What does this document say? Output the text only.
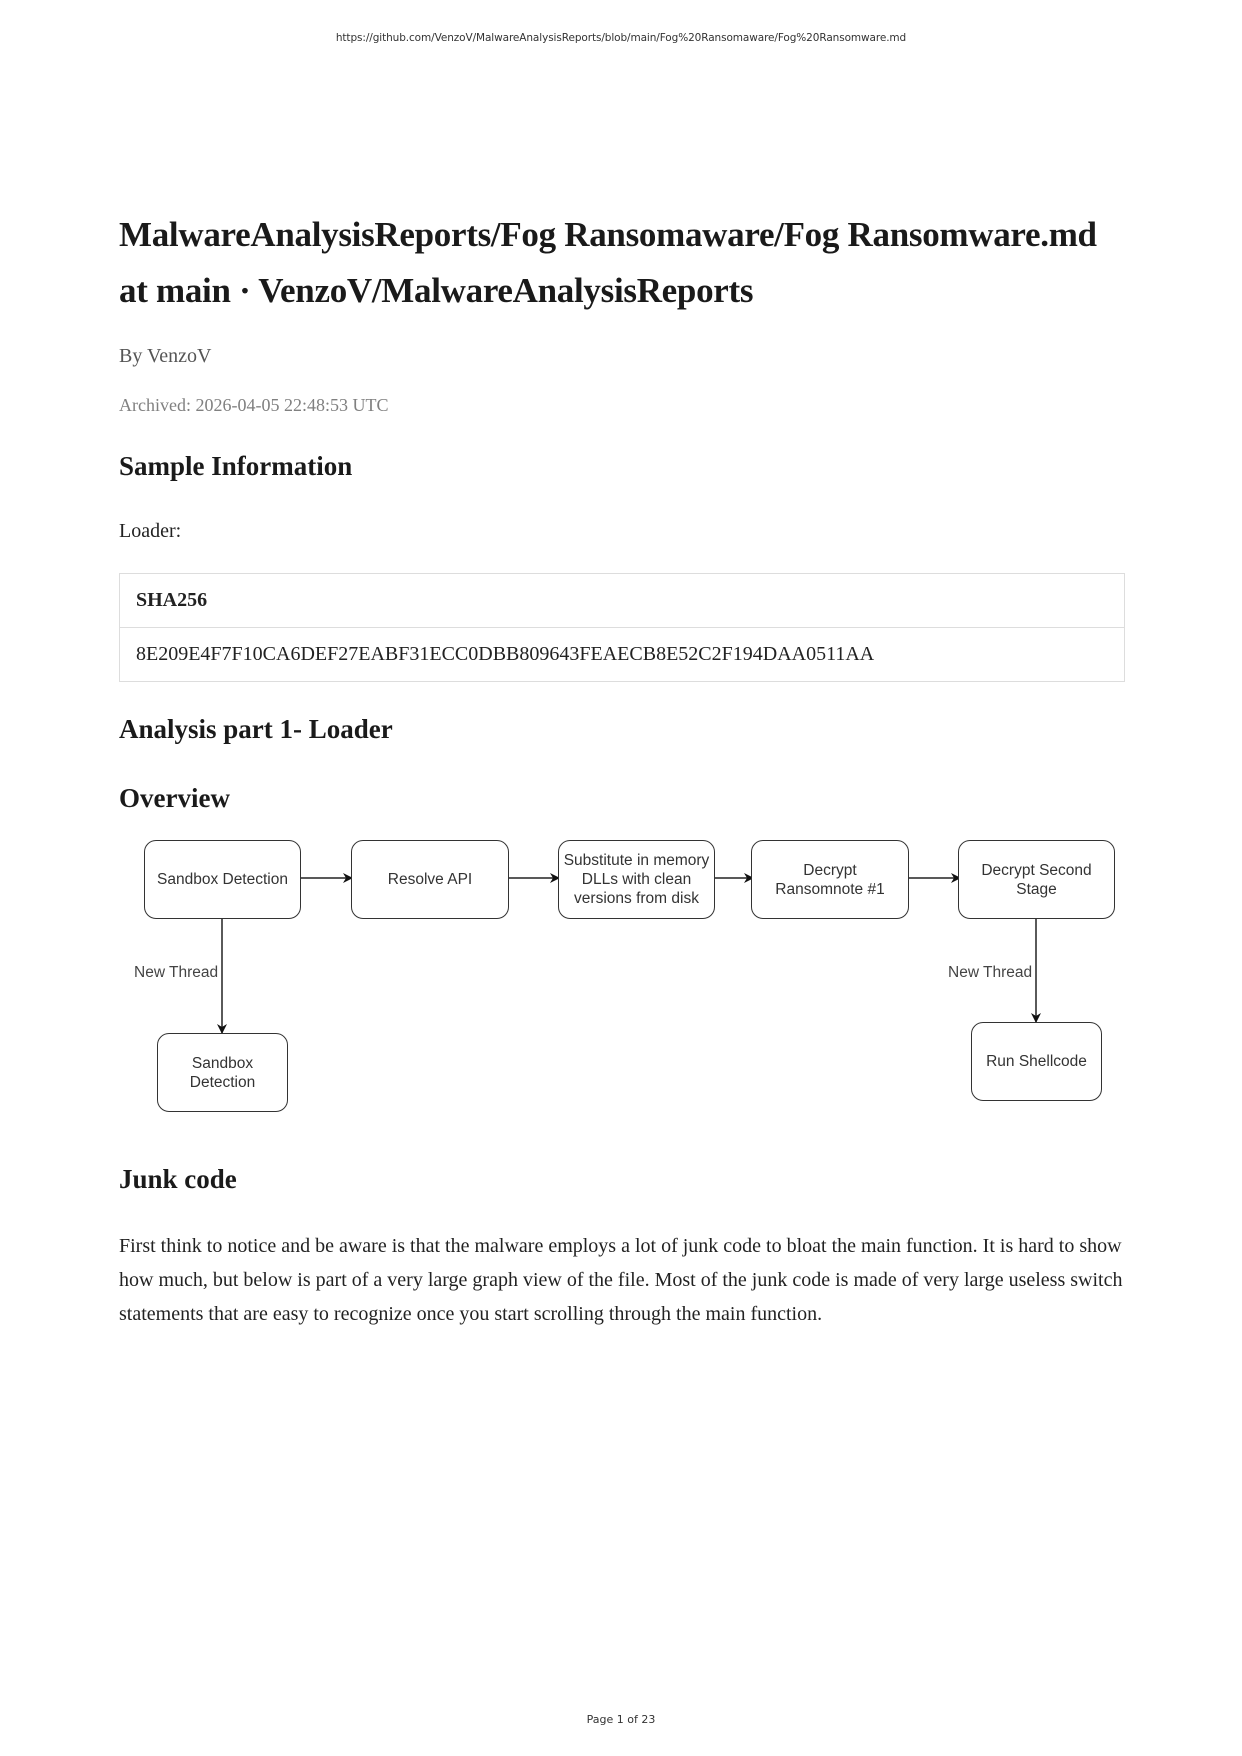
https://github.com/VenzoV/MalwareAnalysisReports/blob/main/Fog%20Ransomaware/Fog%20Ransomware.md
MalwareAnalysisReports/Fog Ransomaware/Fog Ransomware.md at main · VenzoV/MalwareAnalysisReports
By VenzoV
Archived: 2026-04-05 22:48:53 UTC
Sample Information
Loader:
SHA256
8E209E4F7F10CA6DEF27EABF31ECC0DBB809643FEAECB8E52C2F194DAA0511AA
Analysis part 1- Loader
Overview
Sandbox Detection	Resolve API
Substitute in memory DLLs with clean versions from disk
Decrypt Ransomnote #1
Decrypt Second Stage
Sandbox Detection
Run Shellcode
New Thread	New Thread
Junk code

First think to notice and be aware is that the malware employs a lot of junk code to bloat the main function. It is hard to show how much, but below is part of a very large graph view of the file. Most of the junk code is made of very large useless switch statements that are easy to recognize once you start scrolling through the main function.

Page 1 of 23
